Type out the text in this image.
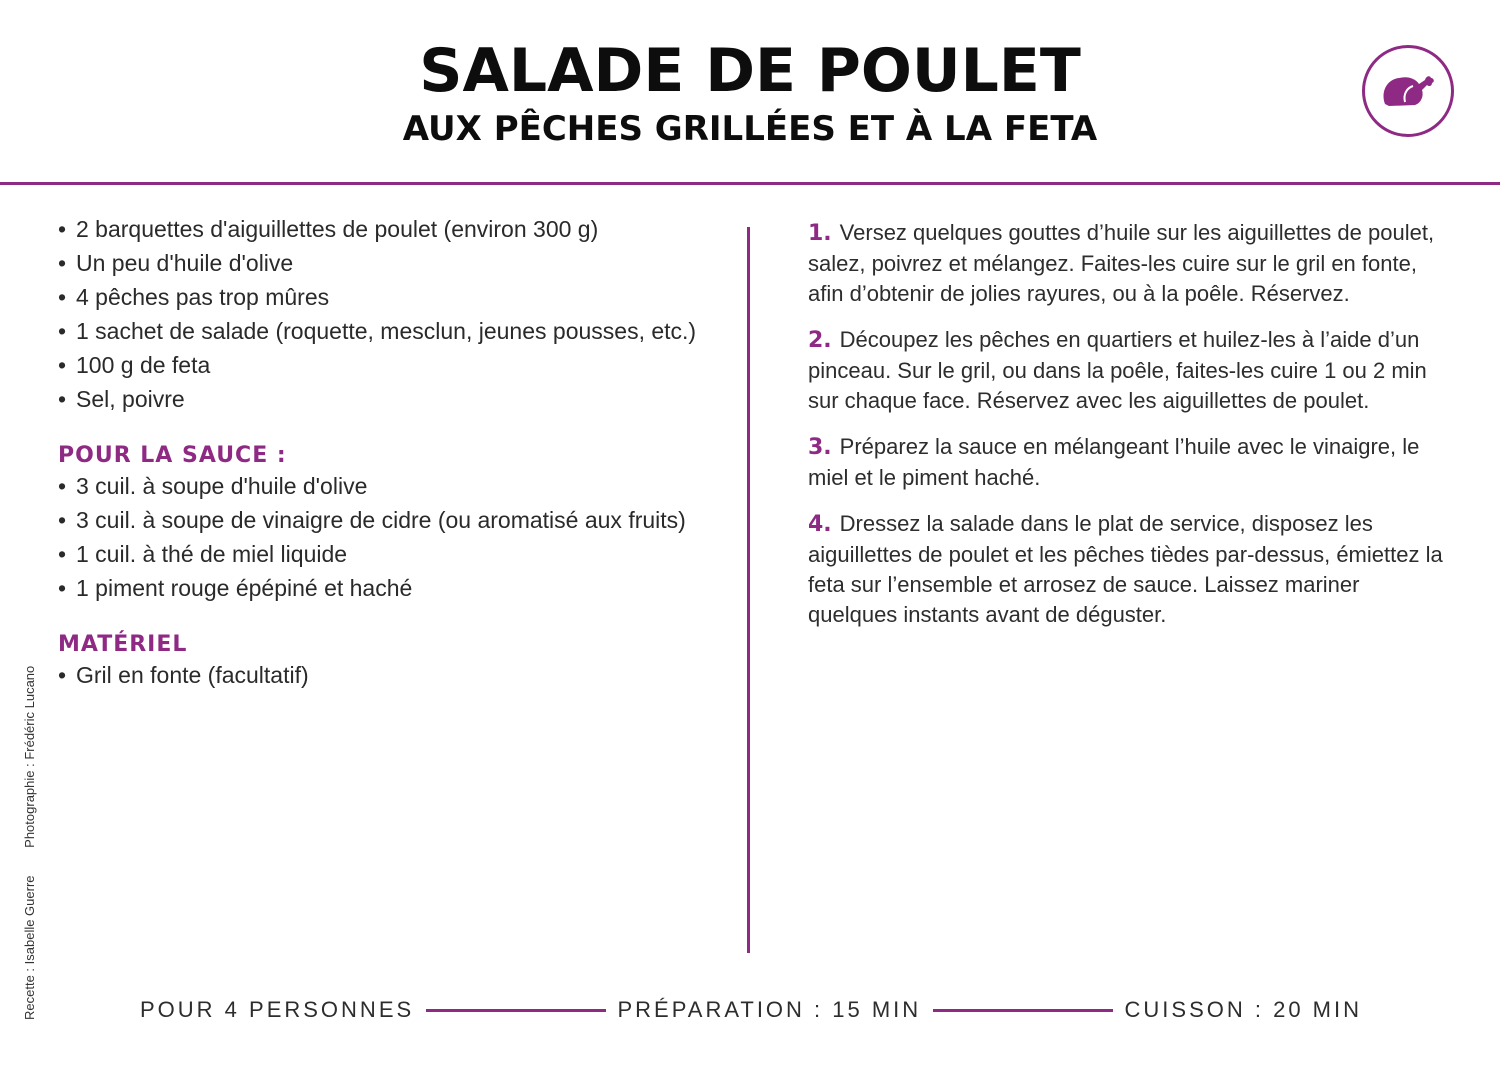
SALADE DE POULET
AUX PÊCHES GRILLÉES ET À LA FETA
• 2 barquettes d'aiguillettes de poulet (environ 300 g)
• Un peu d'huile d'olive
• 4 pêches pas trop mûres
• 1 sachet de salade (roquette, mesclun, jeunes pousses, etc.)
• 100 g de feta
• Sel, poivre
POUR LA SAUCE :
• 3 cuil. à soupe d'huile d'olive
• 3 cuil. à soupe de vinaigre de cidre (ou aromatisé aux fruits)
• 1 cuil. à thé de miel liquide
• 1 piment rouge épépiné et haché
MATÉRIEL
• Gril en fonte (facultatif)
1. Versez quelques gouttes d’huile sur les aiguillettes de poulet, salez, poivrez et mélangez. Faites-les cuire sur le gril en fonte, afin d’obtenir de jolies rayures, ou à la poêle. Réservez.
2. Découpez les pêches en quartiers et huilez-les à l’aide d’un pinceau. Sur le gril, ou dans la poêle, faites-les cuire 1 ou 2 min sur chaque face. Réservez avec les aiguillettes de poulet.
3. Préparez la sauce en mélangeant l’huile avec le vinaigre, le miel et le piment haché.
4. Dressez la salade dans le plat de service, disposez les aiguillettes de poulet et les pêches tièdes par-dessus, émiettez la feta sur l’ensemble et arrosez de sauce. Laissez mariner quelques instants avant de déguster.
Recette : Isabelle Guerre Photographie : Frédéric Lucano
POUR 4 PERSONNES	PRÉPARATION : 15 MIN	CUISSON : 20 MIN
